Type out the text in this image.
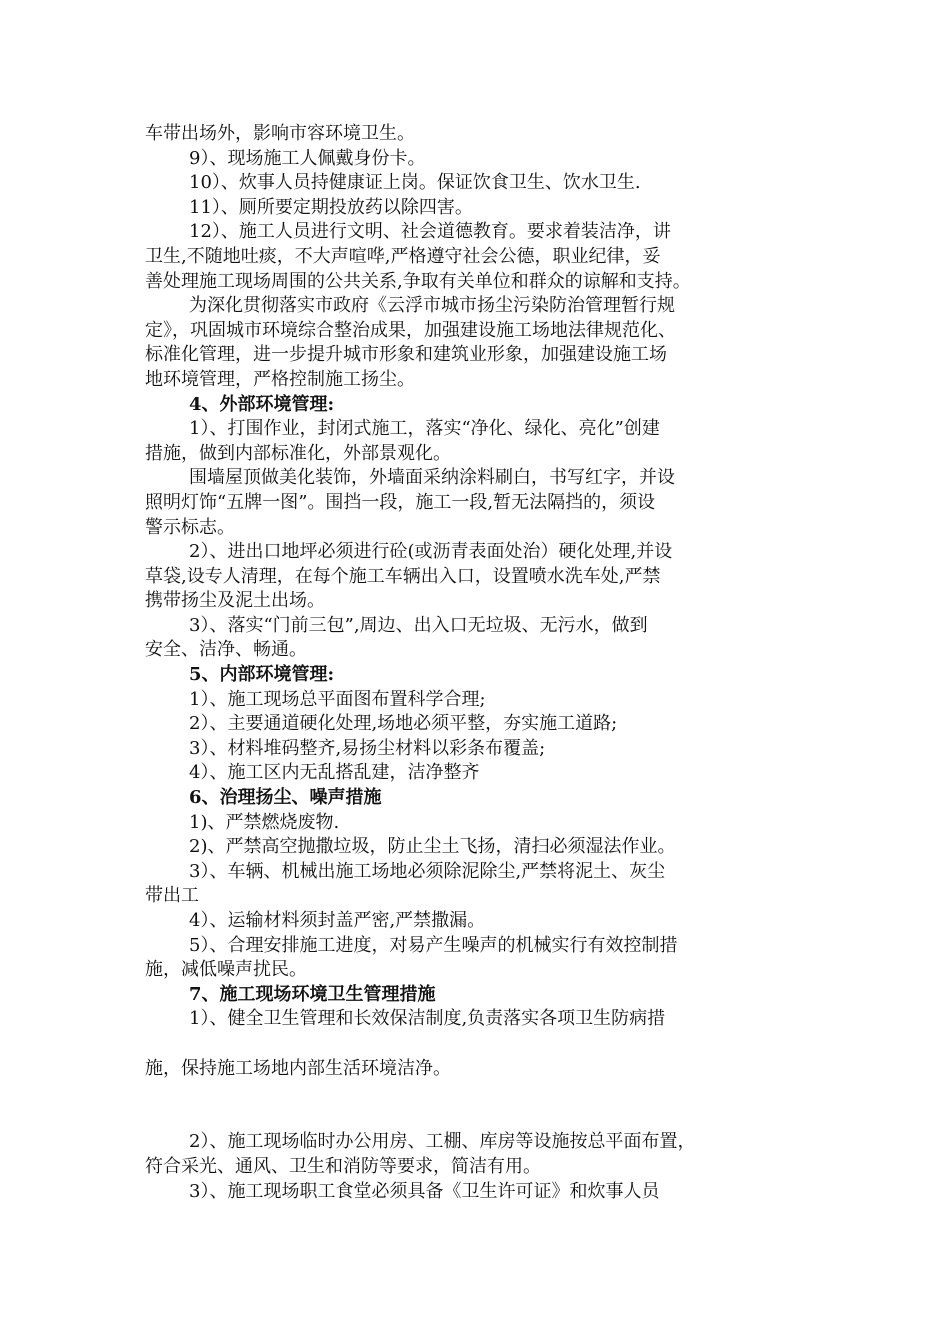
车带出场外，影响市容环境卫生。
9）、现场施工人佩戴身份卡。
10）、炊事人员持健康证上岗。保证饮食卫生、饮水卫生.
11）、厕所要定期投放药以除四害。
12）、施工人员进行文明、社会道德教育。要求着装洁净，讲
卫生,不随地吐痰，不大声喧哗,严格遵守社会公德，职业纪律，妥
善处理施工现场周围的公共关系,争取有关单位和群众的谅解和支持。
为深化贯彻落实市政府《云浮市城市扬尘污染防治管理暂行规
定》，巩固城市环境综合整治成果，加强建设施工场地法律规范化、
标准化管理，进一步提升城市形象和建筑业形象，加强建设施工场
地环境管理，严格控制施工扬尘。
4、外部环境管理:
1）、打围作业，封闭式施工，落实“净化、绿化、亮化”创建
措施，做到内部标准化，外部景观化。
围墙屋顶做美化装饰，外墙面采纳涂料刷白，书写红字，并设
照明灯饰“五牌一图”。围挡一段，施工一段,暂无法隔挡的，须设
警示标志。
2）、进出口地坪必须进行砼(或沥青表面处治）硬化处理,并设
草袋,设专人清理，在每个施工车辆出入口，设置喷水洗车处,严禁
携带扬尘及泥土出场。
3）、落实“门前三包”,周边、出入口无垃圾、无污水，做到
安全、洁净、畅通。
5、内部环境管理:
1）、施工现场总平面图布置科学合理;
2）、主要通道硬化处理,场地必须平整，夯实施工道路;
3）、材料堆码整齐,易扬尘材料以彩条布覆盖;
4）、施工区内无乱搭乱建，洁净整齐
6、治理扬尘、噪声措施
1)、严禁燃烧废物.
2)、严禁高空抛撒垃圾，防止尘土飞扬，清扫必须湿法作业。
3）、车辆、机械出施工场地必须除泥除尘,严禁将泥土、灰尘
带出工
4）、运输材料须封盖严密,严禁撒漏。
5）、合理安排施工进度，对易产生噪声的机械实行有效控制措
施，减低噪声扰民。
7、施工现场环境卫生管理措施
1）、健全卫生管理和长效保洁制度,负责落实各项卫生防病措
施，保持施工场地内部生活环境洁净。
2）、施工现场临时办公用房、工棚、库房等设施按总平面布置，
符合采光、通风、卫生和消防等要求，简洁有用。
3）、施工现场职工食堂必须具备《卫生许可证》和炊事人员
